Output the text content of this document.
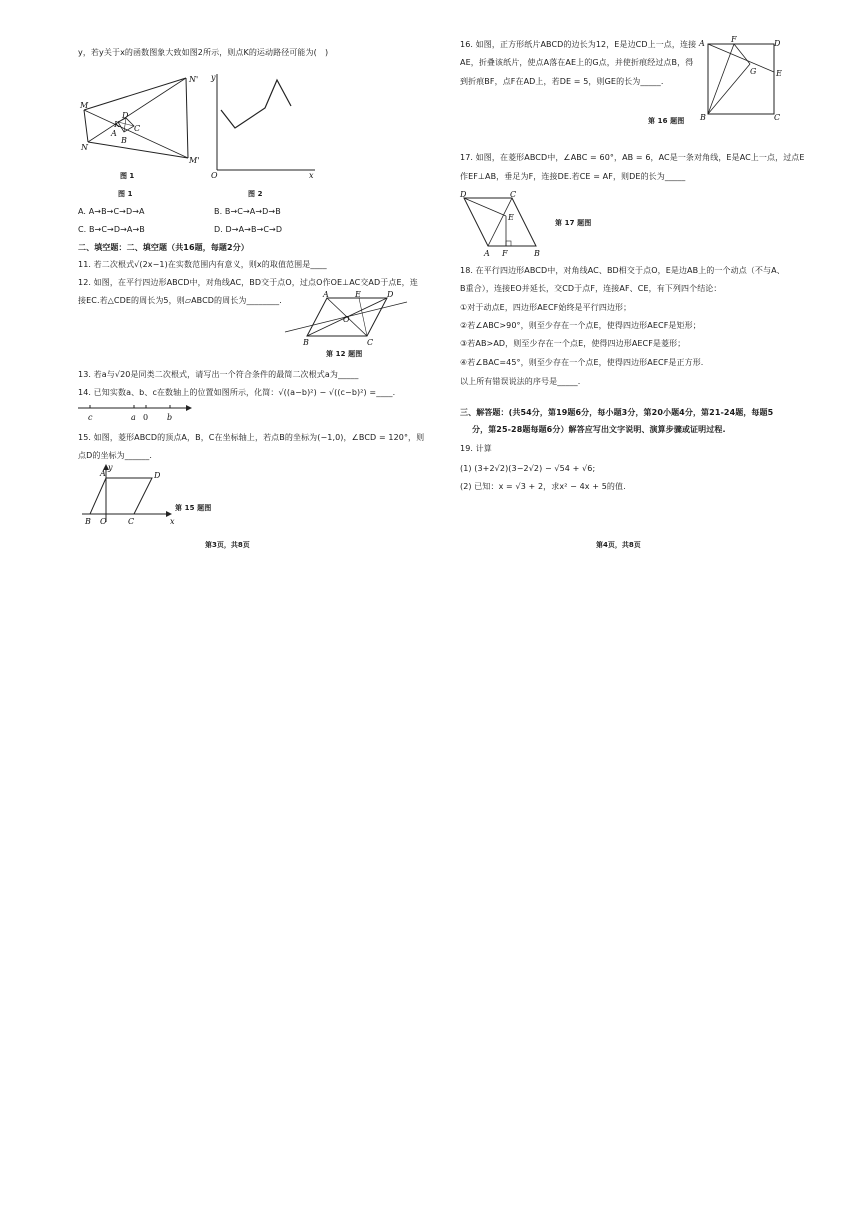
y，若y关于x的函数图象大致如图2所示，则点K的运动路径可能为(　)
M
N
N'
M'
D
K
A
C
B
图 1
y
O	x
图 1	图 2
A. A→B→C→D→A	B. B→C→A→D→B
C. B→C→D→A→B	D. D→A→B→C→D
二、填空题：二、填空题（共16题，每题2分）
11. 若二次根式√(2x−1)在实数范围内有意义，则x的取值范围是____
12. 如图，在平行四边形ABCD中，对角线AC，BD交于点O，过点O作OE⊥AC交AD于点E，连
接EC.若△CDE的周长为5，则▱ABCD的周长为________.
A	E	D
O
B	C
第 12 题图
13. 若a与√20是同类二次根式，请写出一个符合条件的最简二次根式a为_____
14. 已知实数a、b、c在数轴上的位置如图所示，化简：√((a−b)²) − √((c−b)²) =____.
c	a 0 b
15. 如图，菱形ABCD的顶点A，B，C在坐标轴上，若点B的坐标为(−1,0)，∠BCD = 120°，则
点D的坐标为______.
y
A	D
B O	C	x
第 15 题图
第3页，共8页
16. 如图，正方形纸片ABCD的边长为12，E是边CD上一点，连接
AE，折叠该纸片，使点A落在AE上的G点，并使折痕经过点B，得
到折痕BF，点F在AD上，若DE = 5，则GE的长为_____.
A	F	D
E
G
B	C
第 16 题图
17. 如图，在菱形ABCD中，∠ABC = 60°，AB = 6，AC是一条对角线，E是AC上一点，过点E
作EF⊥AB，垂足为F，连接DE.若CE = AF，则DE的长为_____
D	C
E
A F	B
第 17 题图
18. 在平行四边形ABCD中，对角线AC、BD相交于点O，E是边AB上的一个动点（不与A、
B重合），连接EO并延长，交CD于点F，连接AF、CE，有下列四个结论：
①对于动点E，四边形AECF始终是平行四边形；
②若∠ABC>90°，则至少存在一个点E，使得四边形AECF是矩形；
③若AB>AD，则至少存在一个点E，使得四边形AECF是菱形；
④若∠BAC=45°，则至少存在一个点E，使得四边形AECF是正方形.
以上所有错误说法的序号是_____.
三、解答题：(共54分，第19题6分，每小题3分，第20小题4分，第21-24题，每题5
分，第25-28题每题6分）解答应写出文字说明、演算步骤或证明过程.
19. 计算
(1) (3+2√2)(3−2√2) − √54 + √6;
(2) 已知：x = √3 + 2，求x² − 4x + 5的值.
第4页，共8页
